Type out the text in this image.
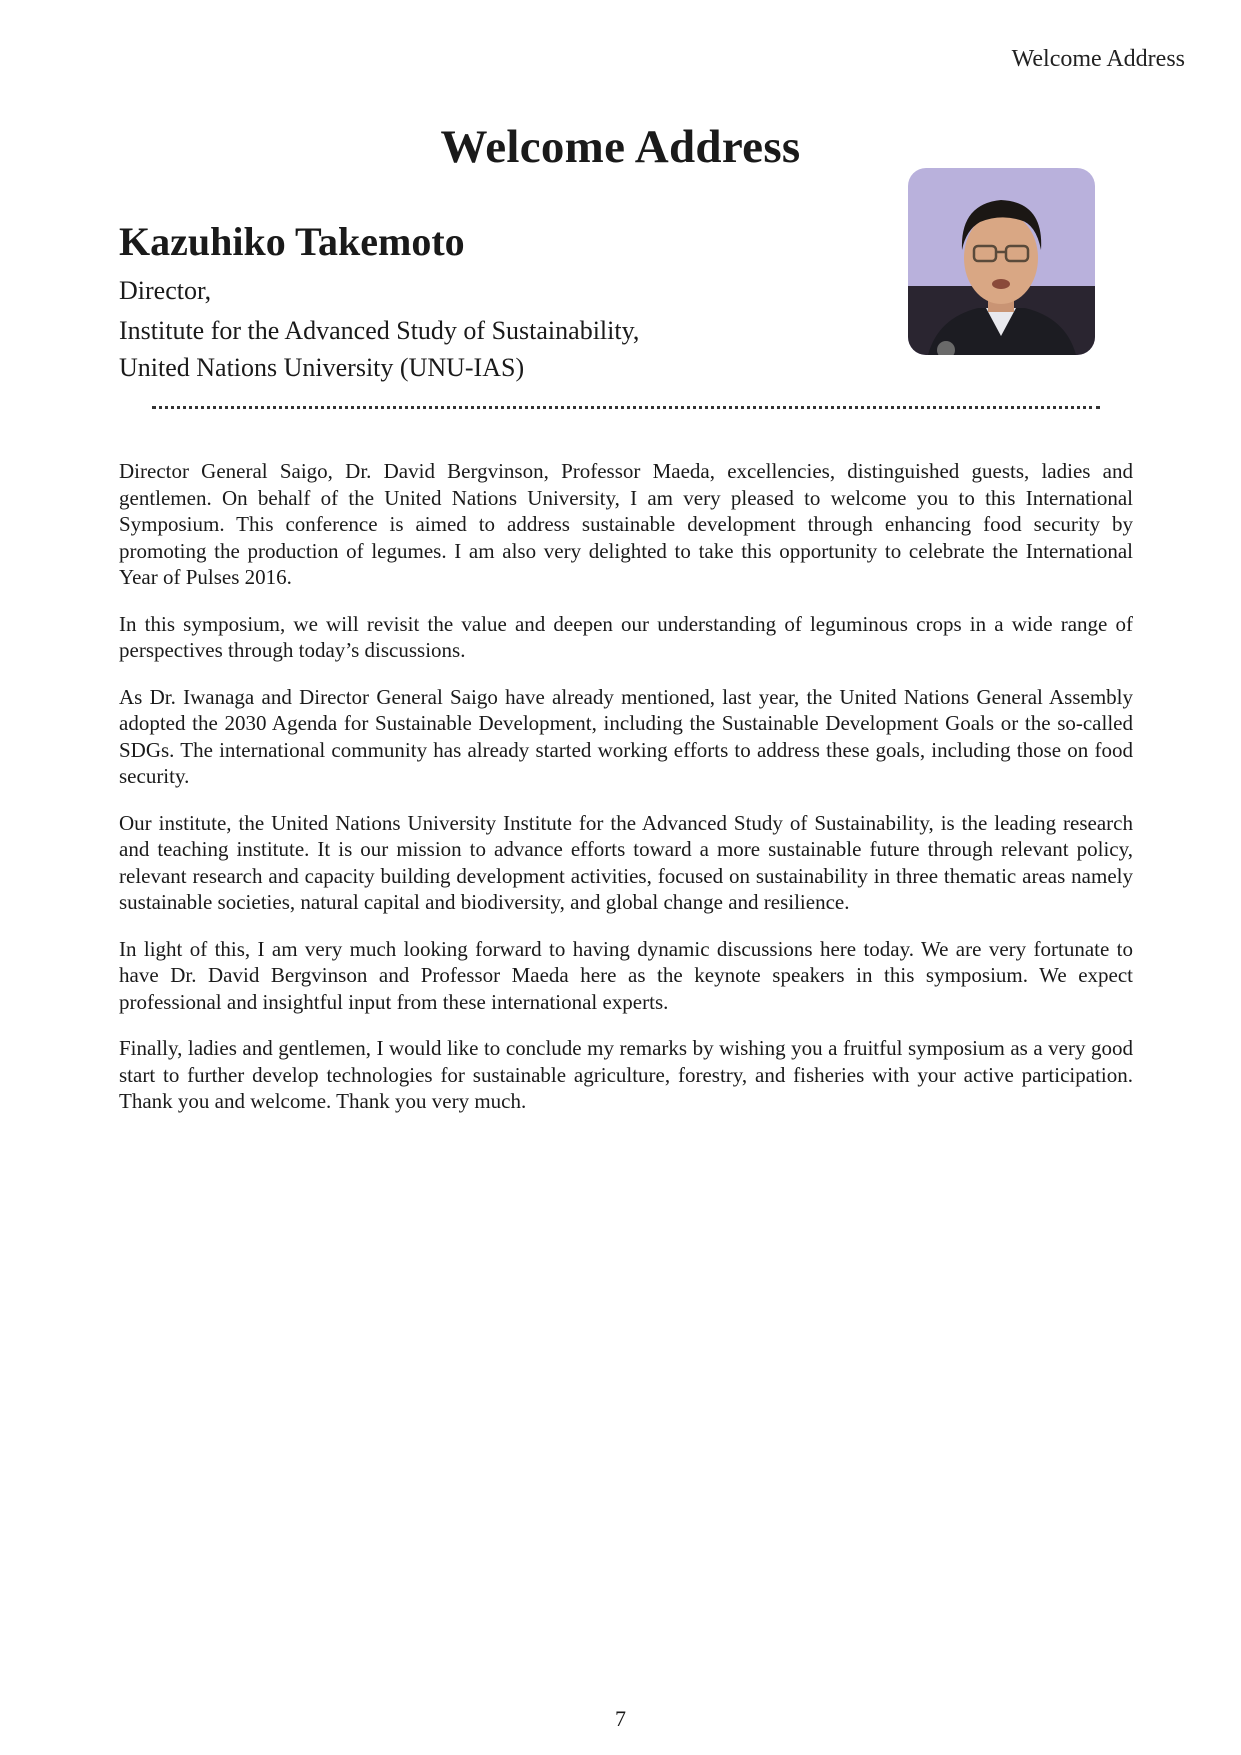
Welcome Address
Welcome Address
Kazuhiko Takemoto
Director,
Institute for the Advanced Study of Sustainability,
United Nations University (UNU-IAS)

Director General Saigo, Dr. David Bergvinson, Professor Maeda, excellencies, distinguished guests, ladies and gentlemen. On behalf of the United Nations University, I am very pleased to welcome you to this International Symposium. This conference is aimed to address sustainable development through enhancing food security by promoting the production of legumes. I am also very delighted to take this opportunity to celebrate the International Year of Pulses 2016.

In this symposium, we will revisit the value and deepen our understanding of leguminous crops in a wide range of perspectives through today’s discussions.

As Dr. Iwanaga and Director General Saigo have already mentioned, last year, the United Nations General Assembly adopted the 2030 Agenda for Sustainable Development, including the Sustainable Development Goals or the so-called SDGs. The international community has already started working efforts to address these goals, including those on food security.

Our institute, the United Nations University Institute for the Advanced Study of Sustainability, is the leading research and teaching institute. It is our mission to advance efforts toward a more sustainable future through relevant policy, relevant research and capacity building development activities, focused on sustainability in three thematic areas namely sustainable societies, natural capital and biodiversity, and global change and resilience.

In light of this, I am very much looking forward to having dynamic discussions here today. We are very fortunate to have Dr. David Bergvinson and Professor Maeda here as the keynote speakers in this symposium. We expect professional and insightful input from these international experts.

Finally, ladies and gentlemen, I would like to conclude my remarks by wishing you a fruitful symposium as a very good start to further develop technologies for sustainable agriculture, forestry, and fisheries with your active participation. Thank you and welcome. Thank you very much.

7
